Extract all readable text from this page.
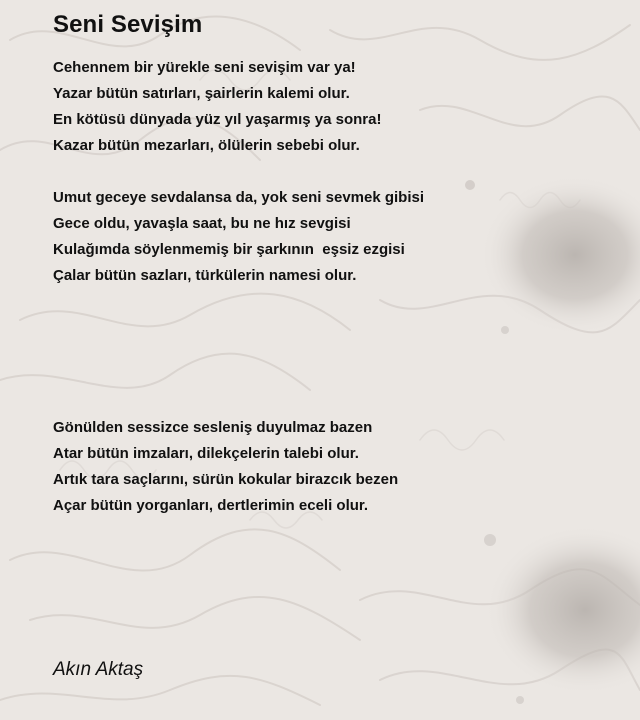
Seni Sevişim
Cehennem bir yürekle seni sevişim var ya!
Yazar bütün satırları, şairlerin kalemi olur.
En kötüsü dünyada yüz yıl yaşarmış ya sonra!
Kazar bütün mezarları, ölülerin sebebi olur.
Umut geceye sevdalansa da, yok seni sevmek gibisi
Gece oldu, yavaşla saat, bu ne hız sevgisi
Kulağımda söylenmemiş bir şarkının  eşsiz ezgisi
Çalar bütün sazları, türkülerin namesi olur.
Gönülden sessizce sesleniş duyulmaz bazen
Atar bütün imzaları, dilekçelerin talebi olur.
Artık tara saçlarını, sürün kokular birazcık bezen
Açar bütün yorganları, dertlerimin eceli olur.
Akın Aktaş
